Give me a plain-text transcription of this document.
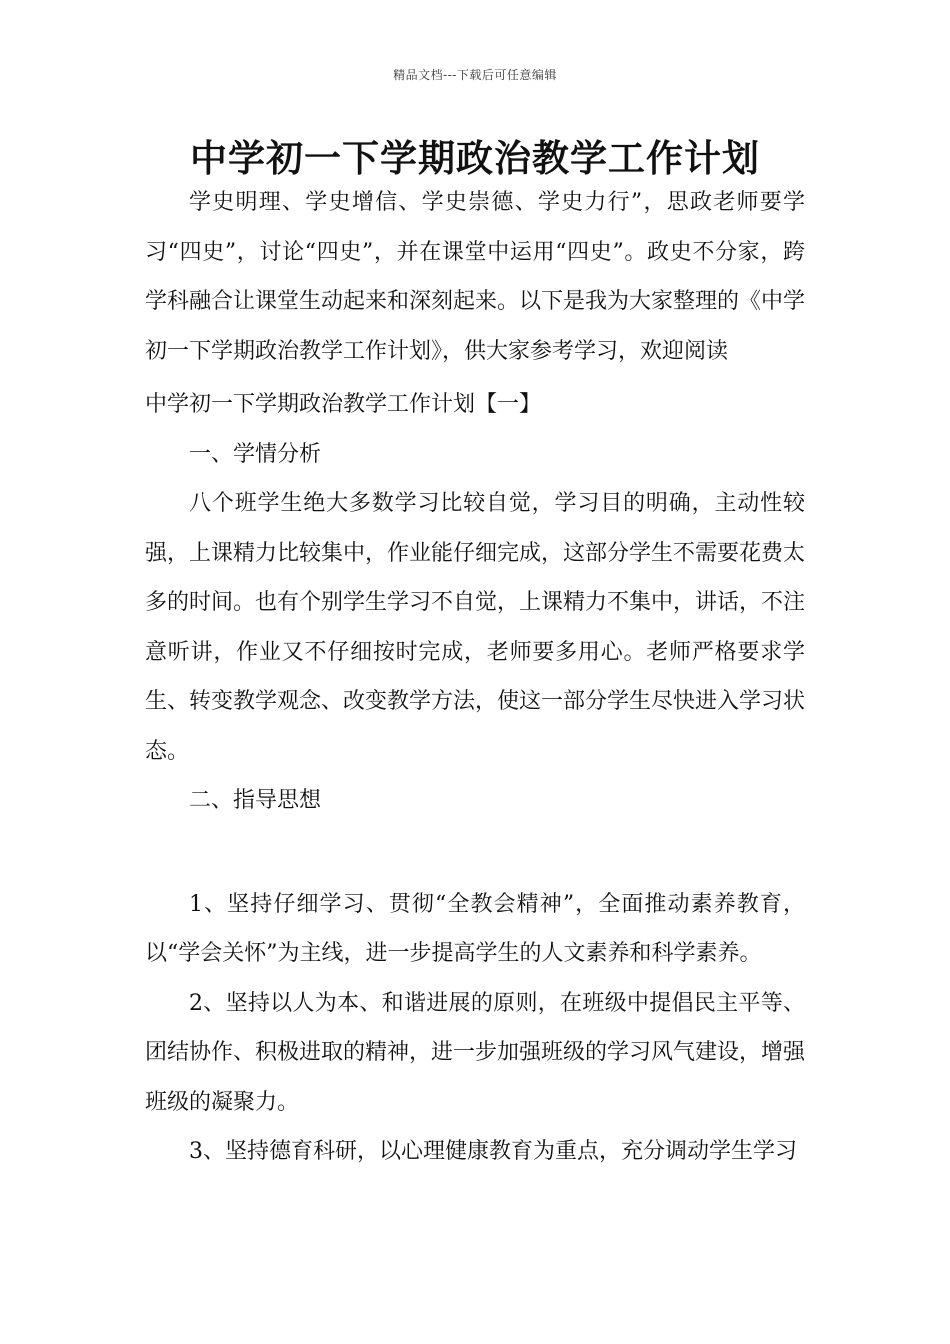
精品文档---下载后可任意编辑
中学初一下学期政治教学工作计划

学史明理、学史增信、学史崇德、学史力行”，思政老师要学习“四史”，讨论“四史”，并在课堂中运用“四史”。政史不分家，跨学科融合让课堂生动起来和深刻起来。以下是我为大家整理的《中学初一下学期政治教学工作计划》，供大家参考学习，欢迎阅读

中学初一下学期政治教学工作计划【一】

一、学情分析

八个班学生绝大多数学习比较自觉，学习目的明确，主动性较强，上课精力比较集中，作业能仔细完成，这部分学生不需要花费太多的时间。也有个别学生学习不自觉，上课精力不集中，讲话，不注意听讲，作业又不仔细按时完成，老师要多用心。老师严格要求学生、转变教学观念、改变教学方法，使这一部分学生尽快进入学习状态。

二、指导思想

1、坚持仔细学习、贯彻“全教会精神”，全面推动素养教育，以“学会关怀”为主线，进一步提高学生的人文素养和科学素养。

2、坚持以人为本、和谐进展的原则，在班级中提倡民主平等、团结协作、积极进取的精神，进一步加强班级的学习风气建设，增强班级的凝聚力。

3、坚持德育科研，以心理健康教育为重点，充分调动学生学习
